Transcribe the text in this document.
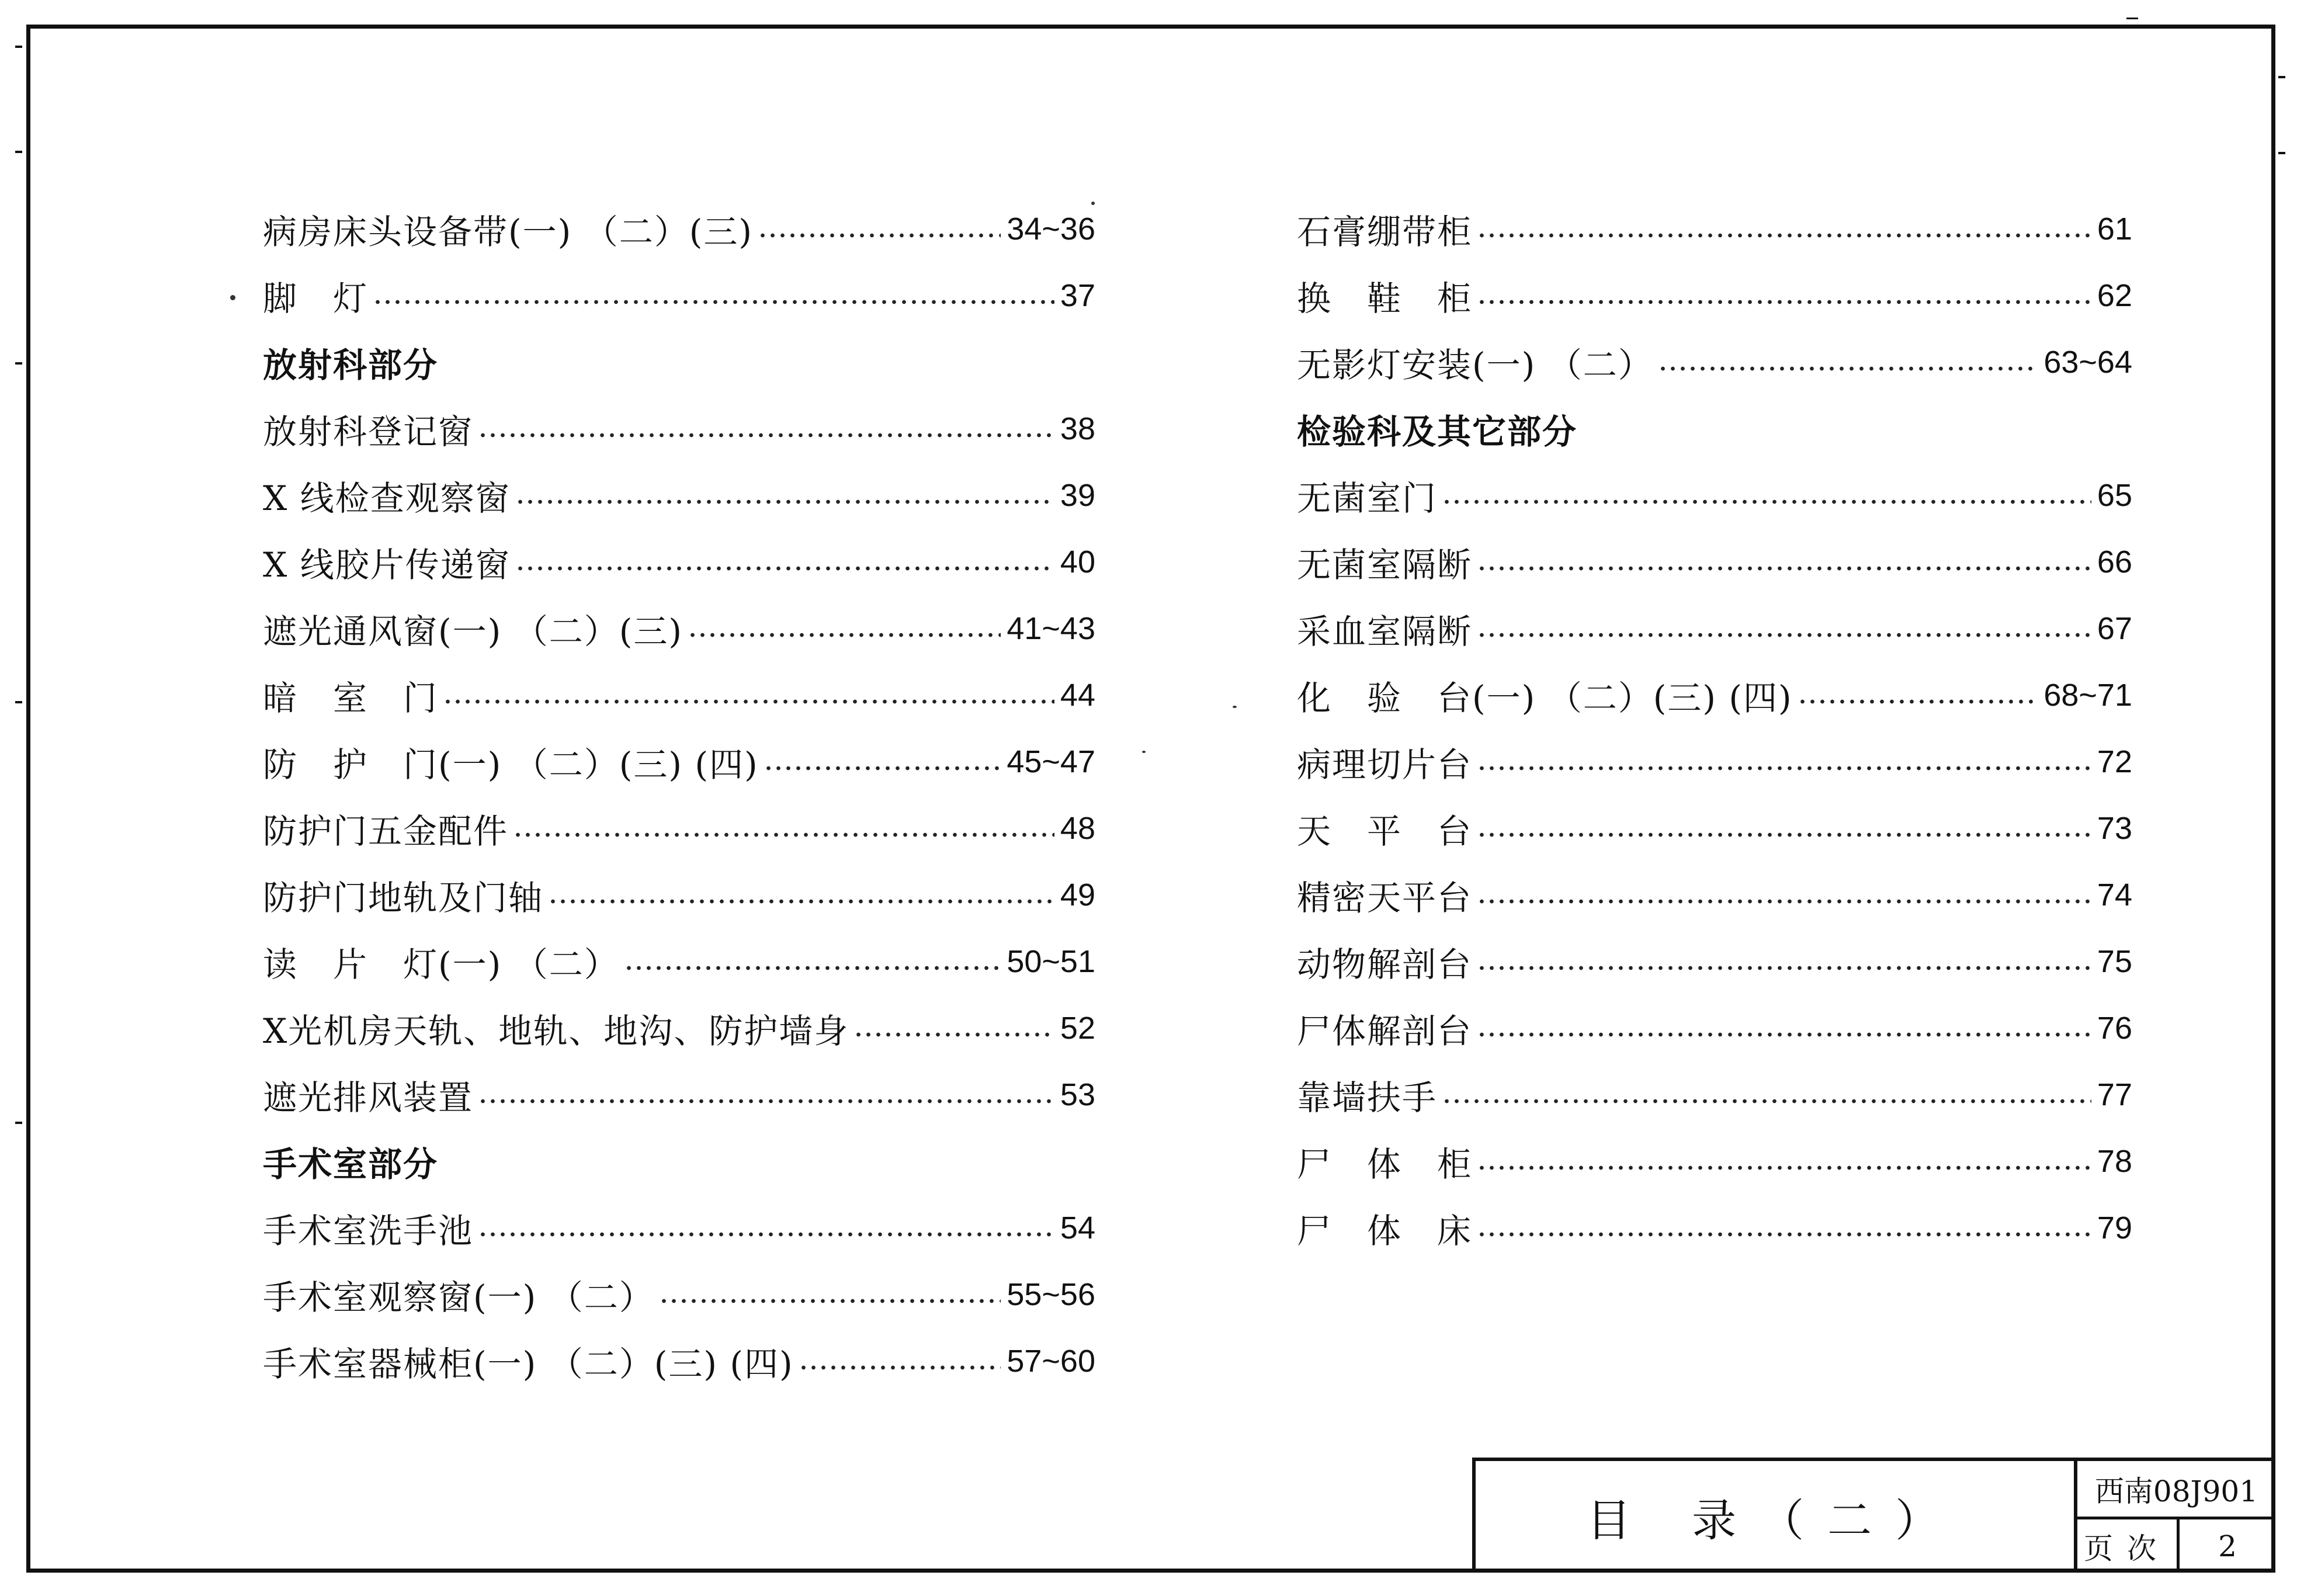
病房床头设备带(一) （二）(三)	34~36
脚　灯	37
放射科部分
放射科登记窗	38
X 线检查观察窗	39
X 线胶片传递窗	40
遮光通风窗(一) （二）(三)	41~43
暗　室　门	44
防　护　门(一) （二）(三) (四)	45~47
防护门五金配件	48
防护门地轨及门轴	49
读　片　灯(一) （二）	50~51
X光机房天轨、地轨、地沟、防护墙身	52
遮光排风装置	53
手术室部分
手术室洗手池	54
手术室观察窗(一) （二）	55~56
手术室器械柜(一) （二）(三) (四)	57~60
石膏绷带柜	61
换　鞋　柜	62
无影灯安装(一) （二）	63~64
检验科及其它部分
无菌室门	65
无菌室隔断	66
采血室隔断	67
化　验　台(一) （二）(三) (四)	68~71
病理切片台	72
天　平　台	73
精密天平台	74
动物解剖台	75
尸体解剖台	76
靠墙扶手	77
尸　体　柜	78
尸　体　床	79
目 录（二）
西南08J901
页次	2
